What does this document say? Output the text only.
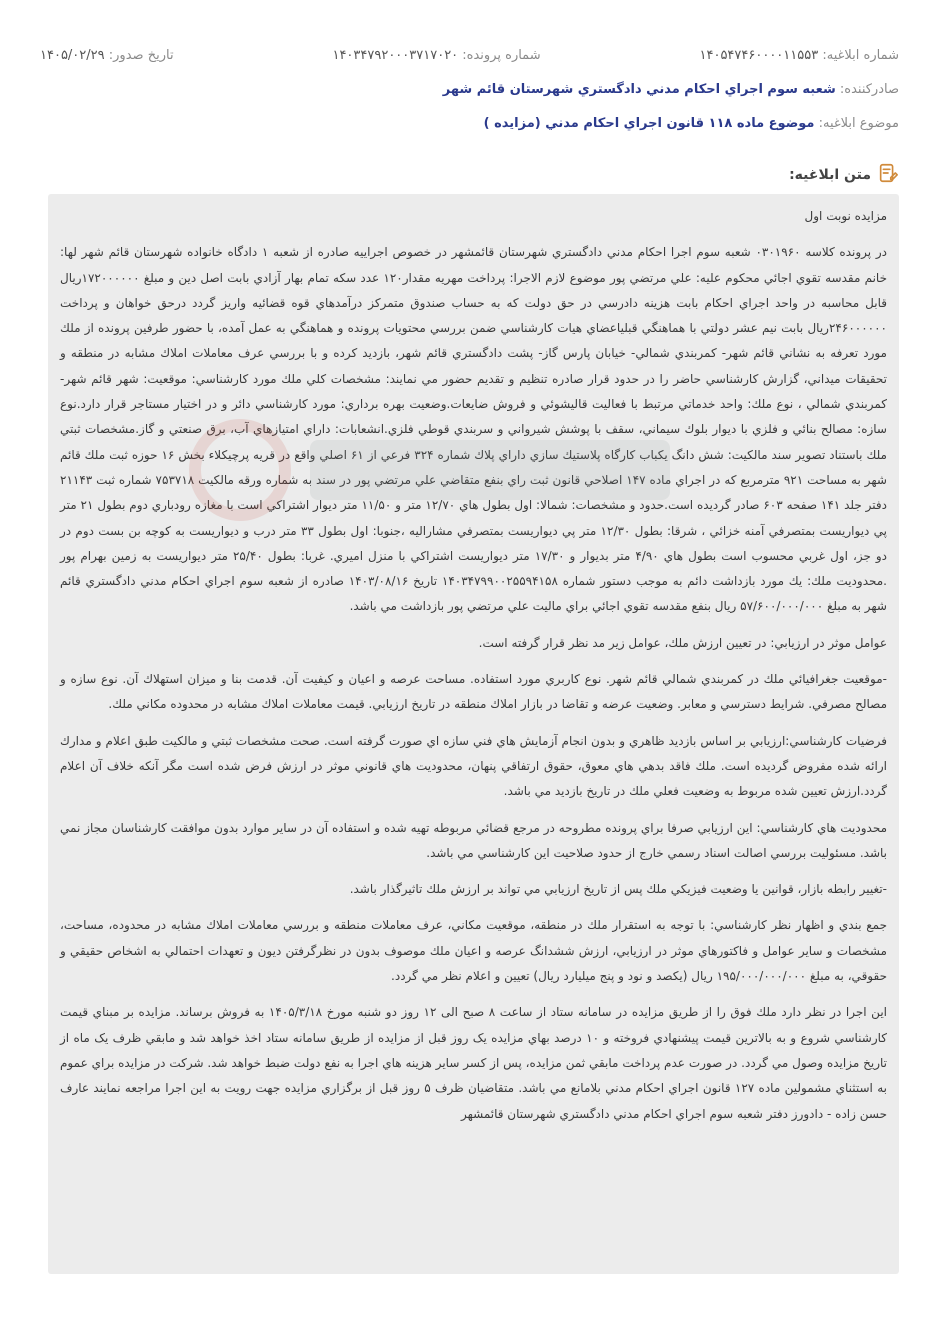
شماره ابلاغيه: ۱۴۰۵۴۷۴۶۰۰۰۰۱۱۵۵۳
شماره پرونده: ۱۴۰۳۴۷۹۲۰۰۰۳۷۱۷۰۲۰
تاريخ صدور: ۱۴۰۵/۰۲/۲۹
صادرکننده: شعبه سوم اجراي احکام مدني دادگستري شهرستان قائم شهر
موضوع ابلاغيه: موضوع ماده ۱۱۸ قانون اجراي احکام مدني (مزايده )
متن ابلاغيه:

مزايده نوبت اول

در پرونده کلاسه ۰۳۰۱۹۶۰ شعبه سوم اجرا احکام مدني دادگستري شهرستان قائمشهر در خصوص اجراييه صادره از شعبه ۱ دادگاه خانواده شهرستان قائم شهر لها: خانم مقدسه تقوي اجائي محکوم عليه: علي مرتضي پور موضوع لازم الاجرا: پرداخت مهريه مقدار۱۲۰ عدد سکه تمام بهار آزادي بابت اصل دين و مبلغ ۱۷۲۰۰۰۰۰۰ريال قابل محاسبه در واحد اجراي احکام بابت هزينه دادرسي در حق دولت که به حساب صندوق متمرکز درآمدهاي قوه قضائيه واريز گردد درحق خواهان و پرداخت ۲۴۶۰۰۰۰۰۰ريال بابت نيم عشر دولتي با هماهنگي قبلياعضاي هيات کارشناسي ضمن بررسي محتويات پرونده و هماهنگي به عمل آمده، با حضور طرفين پرونده از ملك مورد تعرفه به نشاني قائم شهر- کمربندي شمالي- خيابان پارس گاز- پشت دادگستري قائم شهر، بازديد کرده و با بررسي عرف معاملات املاك مشابه در منطقه و تحقيقات ميداني، گزارش کارشناسي حاضر را در حدود قرار صادره تنظيم و تقديم حضور مي نمايند: مشخصات کلي ملك مورد کارشناسي: موقعيت: شهر قائم شهر- کمربندي شمالي ، نوع ملك: واحد خدماتي مرتبط با فعاليت قاليشوئي و فروش ضايعات.وضعيت بهره برداري: مورد کارشناسي دائر و در اختيار مستاجر قرار دارد.نوع سازه: مصالح بنائي و فلزي با ديوار بلوك سيماني، سقف با پوشش شيرواني و سربندي قوطي فلزي.انشعابات: داراي امتيازهاي آب، برق صنعتي و گاز.مشخصات ثبتي ملك باستناد تصوير سند مالکيت: شش دانگ يکباب کارگاه پلاستيك سازي داراي پلاك شماره ۳۲۴ فرعي از ۶۱ اصلي واقع در قريه پرچيکلاء بخش ۱۶ حوزه ثبت ملك قائم شهر به مساحت ۹۲۱ مترمربع که در اجراي ماده ۱۴۷ اصلاحي قانون ثبت راي بنفع متقاضي علي مرتضي پور در سند به شماره ورقه مالکيت ۷۵۳۷۱۸ شماره ثبت ۲۱۱۴۳ دفتر جلد ۱۴۱ صفحه ۶۰۳ صادر گرديده است.حدود و مشخصات: شمالا: اول بطول هاي ۱۲/۷۰ متر و ۱۱/۵۰ متر ديوار اشتراکي است با مغازه رودباري دوم بطول ۲۱ متر پي ديواريست بمتصرفي آمنه خزائي ، شرقا: بطول ۱۲/۳۰ متر پي ديواريست بمتصرفي مشاراليه ،جنوبا: اول بطول ۳۳ متر درب و ديواريست به کوچه بن بست دوم در دو جز، اول غربي محسوب است بطول هاي ۴/۹۰ متر بديوار و ۱۷/۳۰ متر ديواريست اشتراکي با منزل اميري. غربا: بطول ۲۵/۴۰ متر ديواريست به زمين بهرام پور .محدوديت ملك: يك مورد بازداشت دائم به موجب دستور شماره ۱۴۰۳۴۷۹۹۰۰۲۵۵۹۴۱۵۸ تاريخ ۱۴۰۳/۰۸/۱۶ صادره از شعبه سوم اجراي احکام مدني دادگستري قائم شهر به مبلغ ۵۷/۶۰۰/۰۰۰/۰۰۰ ريال بنفع مقدسه تقوي اجائي براي ماليت علي مرتضي پور بازداشت مي باشد.

عوامل موثر در ارزيابي: در تعيين ارزش ملك، عوامل زير مد نظر قرار گرفته است.

-موقعيت جغرافيائي ملك در کمربندي شمالي قائم شهر. نوع کاربري مورد استفاده. مساحت عرصه و اعيان و کيفيت آن. قدمت بنا و ميزان استهلاك آن. نوع سازه و مصالح مصرفي. شرايط دسترسي و معابر. وضعيت عرضه و تقاضا در بازار املاك منطقه در تاريخ ارزيابي. قيمت معاملات املاك مشابه در محدوده مکاني ملك.

فرضيات کارشناسي:ارزيابي بر اساس بازديد ظاهري و بدون انجام آزمايش هاي فني سازه اي صورت گرفته است. صحت مشخصات ثبتي و مالکيت طبق اعلام و مدارك ارائه شده مفروض گرديده است. ملك فاقد بدهي هاي معوق، حقوق ارتفاقي پنهان، محدوديت هاي قانوني موثر در ارزش فرض شده است مگر آنکه خلاف آن اعلام گردد.ارزش تعيين شده مربوط به وضعيت فعلي ملك در تاريخ بازديد مي باشد.

محدوديت هاي کارشناسي: اين ارزيابي صرفا براي پرونده مطروحه در مرجع قضائي مربوطه تهيه شده و استفاده آن در ساير موارد بدون موافقت کارشناسان مجاز نمي باشد. مسئوليت بررسي اصالت اسناد رسمي خارج از حدود صلاحيت اين کارشناسي مي باشد.

-تغيير رابطه بازار، قوانين يا وضعيت فيزيکي ملك پس از تاريخ ارزيابي مي تواند بر ارزش ملك تاثيرگذار باشد.

جمع بندي و اظهار نظر کارشناسي: با توجه به استقرار ملك در منطقه، موقعيت مکاني، عرف معاملات منطقه و بررسي معاملات املاك مشابه در محدوده، مساحت، مشخصات و ساير عوامل و فاکتورهاي موثر در ارزيابي، ارزش ششدانگ عرصه و اعيان ملك موصوف بدون در نظرگرفتن ديون و تعهدات احتمالي به اشخاص حقيقي و حقوقي، به مبلغ ۱۹۵/۰۰۰/۰۰۰/۰۰۰ ريال (يکصد و نود و پنج ميليارد ريال) تعيين و اعلام نظر مي گردد.

اين اجرا در نظر دارد ملك فوق را از طريق مزايده در سامانه ستاد از ساعت ۸ صبح الی ۱۲ روز دو شنبه مورخ ۱۴۰۵/۳/۱۸ به فروش برساند. مزايده بر مبناي قيمت کارشناسي شروع و به بالاترين قيمت پيشنهادي فروخته و ۱۰ درصد بهاي مزايده يک روز قبل از مزايده از طريق سامانه ستاد اخذ خواهد شد و مابقي ظرف يک ماه از تاريخ مزايده وصول مي گردد. در صورت عدم پرداخت مابقي ثمن مزايده، پس از کسر ساير هزينه هاي اجرا به نفع دولت ضبط خواهد شد. شرکت در مزايده براي عموم به استثناي مشمولين ماده ۱۲۷ قانون اجراي احکام مدني بلامانع مي باشد. متقاضيان ظرف ۵ روز قبل از برگزاري مزايده جهت رويت به اين اجرا مراجعه نمايند عارف حسن زاده - دادورز دفتر شعبه سوم اجراي احکام مدني دادگستري شهرستان قائمشهر
